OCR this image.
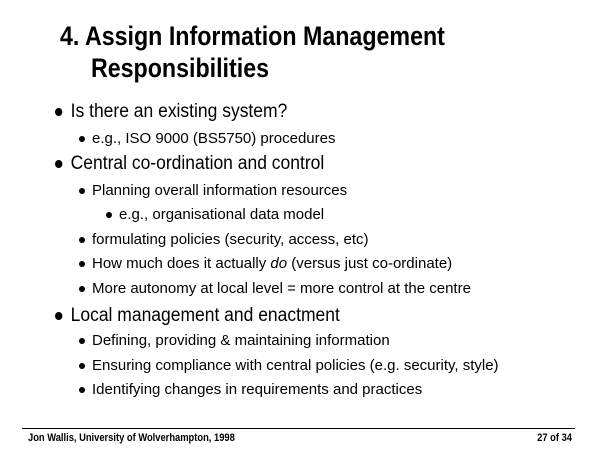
4. Assign Information Management
Responsibilities
Is there an existing system?
e.g., ISO 9000 (BS5750) procedures
Central co-ordination and control
Planning overall information resources
e.g., organisational data model
formulating policies (security, access, etc)
How much does it actually do (versus just co-ordinate)
More autonomy at local level = more control at the centre
Local management and enactment
Defining, providing & maintaining information
Ensuring compliance with central policies (e.g. security, style)
Identifying changes in requirements and practices
Jon Wallis, University of Wolverhampton, 1998	27 of 34
